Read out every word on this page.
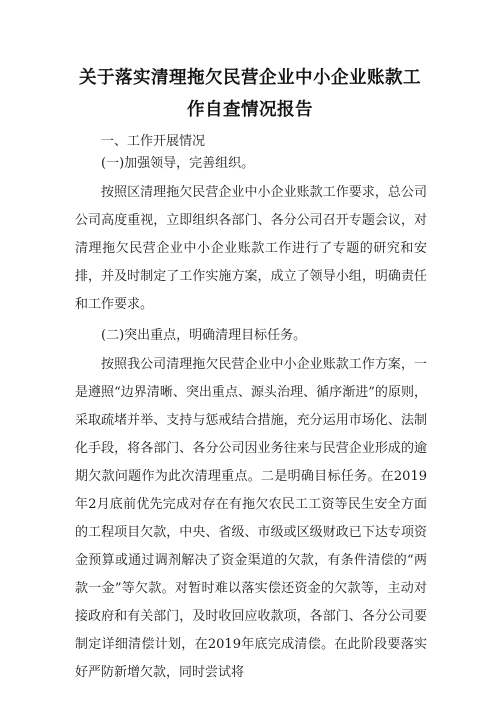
关于落实清理拖欠民营企业中小企业账款工
作自查情况报告
一、工作开展情况
(一)加强领导，完善组织。
按照区清理拖欠民营企业中小企业账款工作要求，总公司公司高度重视，立即组织各部门、各分公司召开专题会议，对清理拖欠民营企业中小企业账款工作进行了专题的研究和安排，并及时制定了工作实施方案，成立了领导小组，明确责任和工作要求。
(二)突出重点，明确清理目标任务。
按照我公司清理拖欠民营企业中小企业账款工作方案，一是遵照“边界清晰、突出重点、源头治理、循序渐进”的原则，采取疏堵并举、支持与惩戒结合措施，充分运用市场化、法制化手段，将各部门、各分公司因业务往来与民营企业形成的逾期欠款问题作为此次清理重点。二是明确目标任务。在2019年2月底前优先完成对存在有拖欠农民工工资等民生安全方面的工程项目欠款，中央、省级、市级或区级财政已下达专项资金预算或通过调剂解决了资金渠道的欠款，有条件清偿的“两款一金”等欠款。对暂时难以落实偿还资金的欠款等，主动对接政府和有关部门，及时收回应收款项，各部门、各分公司要制定详细清偿计划，在2019年底完成清偿。在此阶段要落实好严防新增欠款，同时尝试将
